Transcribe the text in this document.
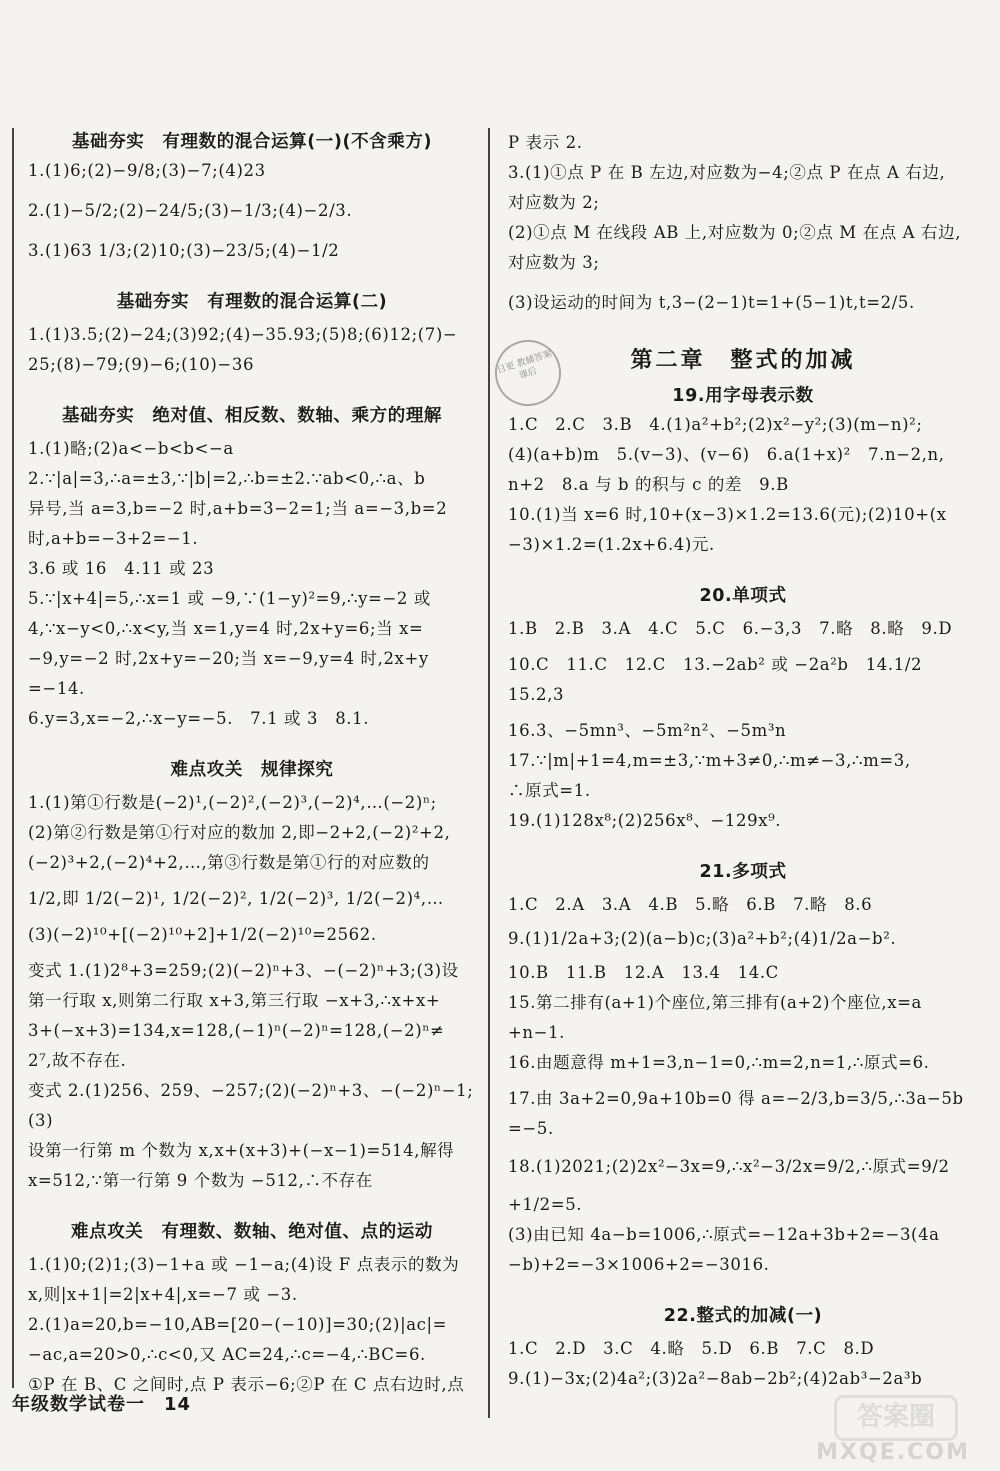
基础夯实　有理数的混合运算(一)(不含乘方)

1.(1)6;(2)−9/8;(3)−7;(4)23

2.(1)−5/2;(2)−24/5;(3)−1/3;(4)−2/3.

3.(1)63 1/3;(2)10;(3)−23/5;(4)−1/2

基础夯实　有理数的混合运算(二)

1.(1)3.5;(2)−24;(3)92;(4)−35.93;(5)8;(6)12;(7)−

25;(8)−79;(9)−6;(10)−36

基础夯实　绝对值、相反数、数轴、乘方的理解

1.(1)略;(2)a<−b<b<−a

2.∵|a|=3,∴a=±3,∵|b|=2,∴b=±2.∵ab<0,∴a、b

异号,当 a=3,b=−2 时,a+b=3−2=1;当 a=−3,b=2

时,a+b=−3+2=−1.

3.6 或 16　4.11 或 23

5.∵|x+4|=5,∴x=1 或 −9,∵(1−y)²=9,∴y=−2 或

4,∵x−y<0,∴x<y,当 x=1,y=4 时,2x+y=6;当 x=

−9,y=−2 时,2x+y=−20;当 x=−9,y=4 时,2x+y

=−14.

6.y=3,x=−2,∴x−y=−5.　7.1 或 3　8.1.

难点攻关　规律探究

1.(1)第①行数是(−2)¹,(−2)²,(−2)³,(−2)⁴,…(−2)ⁿ;

(2)第②行数是第①行对应的数加 2,即−2+2,(−2)²+2,

(−2)³+2,(−2)⁴+2,…,第③行数是第①行的对应数的

1/2,即 1/2(−2)¹, 1/2(−2)², 1/2(−2)³, 1/2(−2)⁴,…

(3)(−2)¹⁰+[(−2)¹⁰+2]+1/2(−2)¹⁰=2562.

变式 1.(1)2⁸+3=259;(2)(−2)ⁿ+3、−(−2)ⁿ+3;(3)设

第一行取 x,则第二行取 x+3,第三行取 −x+3,∴x+x+

3+(−x+3)=134,x=128,(−1)ⁿ(−2)ⁿ=128,(−2)ⁿ≠

2⁷,故不存在.

变式 2.(1)256、259、−257;(2)(−2)ⁿ+3、−(−2)ⁿ−1;(3)

设第一行第 m 个数为 x,x+(x+3)+(−x−1)=514,解得

x=512,∵第一行第 9 个数为 −512,∴不存在

难点攻关　有理数、数轴、绝对值、点的运动

1.(1)0;(2)1;(3)−1+a 或 −1−a;(4)设 F 点表示的数为

x,则|x+1|=2|x+4|,x=−7 或 −3.

2.(1)a=20,b=−10,AB=[20−(−10)]=30;(2)|ac|=

−ac,a=20>0,∴c<0,又 AC=24,∴c=−4,∴BC=6.

①P 在 B、C 之间时,点 P 表示−6;②P 在 C 点右边时,点

P 表示 2.

3.(1)①点 P 在 B 左边,对应数为−4;②点 P 在点 A 右边,

对应数为 2;

(2)①点 M 在线段 AB 上,对应数为 0;②点 M 在点 A 右边,

对应数为 3;

(3)设运动的时间为 t,3−(2−1)t=1+(5−1)t,t=2/5.

第二章　整式的加减
19.用字母表示数

1.C　2.C　3.B　4.(1)a²+b²;(2)x²−y²;(3)(m−n)²;

(4)(a+b)m　5.(v−3)、(v−6)　6.a(1+x)²　7.n−2,n,

n+2　8.a 与 b 的积与 c 的差　9.B

10.(1)当 x=6 时,10+(x−3)×1.2=13.6(元);(2)10+(x

−3)×1.2=(1.2x+6.4)元.

20.单项式

1.B　2.B　3.A　4.C　5.C　6.−3,3　7.略　8.略　9.D

10.C　11.C　12.C　13.−2ab² 或 −2a²b　14.1/2　15.2,3

16.3、−5mn³、−5m²n²、−5m³n

17.∵|m|+1=4,m=±3,∵m+3≠0,∴m≠−3,∴m=3,

∴原式=1.

19.(1)128x⁸;(2)256x⁸、−129x⁹.

21.多项式

1.C　2.A　3.A　4.B　5.略　6.B　7.略　8.6

9.(1)1/2a+3;(2)(a−b)c;(3)a²+b²;(4)1/2a−b².

10.B　11.B　12.A　13.4　14.C

15.第二排有(a+1)个座位,第三排有(a+2)个座位,x=a

+n−1.

16.由题意得 m+1=3,n−1=0,∴m=2,n=1,∴原式=6.

17.由 3a+2=0,9a+10b=0 得 a=−2/3,b=3/5,∴3a−5b

=−5.

18.(1)2021;(2)2x²−3x=9,∴x²−3/2x=9/2,∴原式=9/2

+1/2=5.

(3)由已知 4a−b=1006,∴原式=−12a+3b+2=−3(4a

−b)+2=−3×1006+2=−3016.

22.整式的加减(一)

1.C　2.D　3.C　4.略　5.D　6.B　7.C　8.D

9.(1)−3x;(2)4a²;(3)2a²−8ab−2b²;(4)2ab³−2a³b

日更 教辅答案 课后
年级数学试卷一　14	答案圈
MXQE.COM
